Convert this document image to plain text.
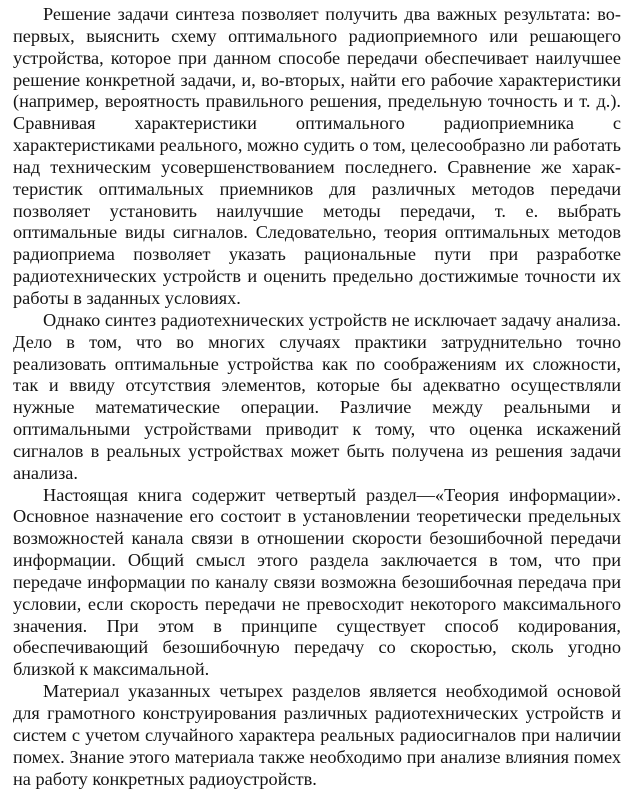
Решение задачи синтеза позволяет получить два важных результата: во-первых, выяснить схему оптимального радиоприемного или решающего устройства, которое при данном способе передачи обеспечивает наилучшее решение конкретной задачи, и, во-вторых, найти его рабочие характеристики (например, вероятность правильного решения, предельную точность и т. д.). Сравнивая характеристики оптимального радиоприемника с характеристиками реального, можно судить о том, целесообразно ли работать над техническим усовершенствованием последнего. Сравнение же характеристик оптимальных приемников для различных методов передачи позволяет установить наилучшие методы передачи, т. е. выбрать оптимальные виды сигналов. Следовательно, теория оптимальных методов радиоприема позволяет указать рациональные пути при разработке радиотехнических устройств и оценить предельно достижимые точности их работы в заданных условиях.

Однако синтез радиотехнических устройств не исключает задачу анализа. Дело в том, что во многих случаях практики затруднительно точно реализовать оптимальные устройства как по соображениям их сложности, так и ввиду отсутствия элементов, которые бы адекватно осуществляли нужные математические операции. Различие между реальными и оптимальными устройствами приводит к тому, что оценка искажений сигналов в реальных устройствах может быть получена из решения задачи анализа.

Настоящая книга содержит четвертый раздел—«Теория информации». Основное назначение его состоит в установлении теоретически предельных возможностей канала связи в отношении скорости безошибочной передачи информации. Общий смысл этого раздела заключается в том, что при передаче информации по каналу связи возможна безошибочная передача при условии, если скорость передачи не превосходит некоторого максимального значения. При этом в принципе существует способ кодирования, обеспечивающий безошибочную передачу со скоростью, сколь угодно близкой к максимальной.

Материал указанных четырех разделов является необходимой основой для грамотного конструирования различных радиотехнических устройств и систем с учетом случайного характера реальных радиосигналов при наличии помех. Знание этого материала также необходимо при анализе влияния помех на работу конкретных радиоустройств.
